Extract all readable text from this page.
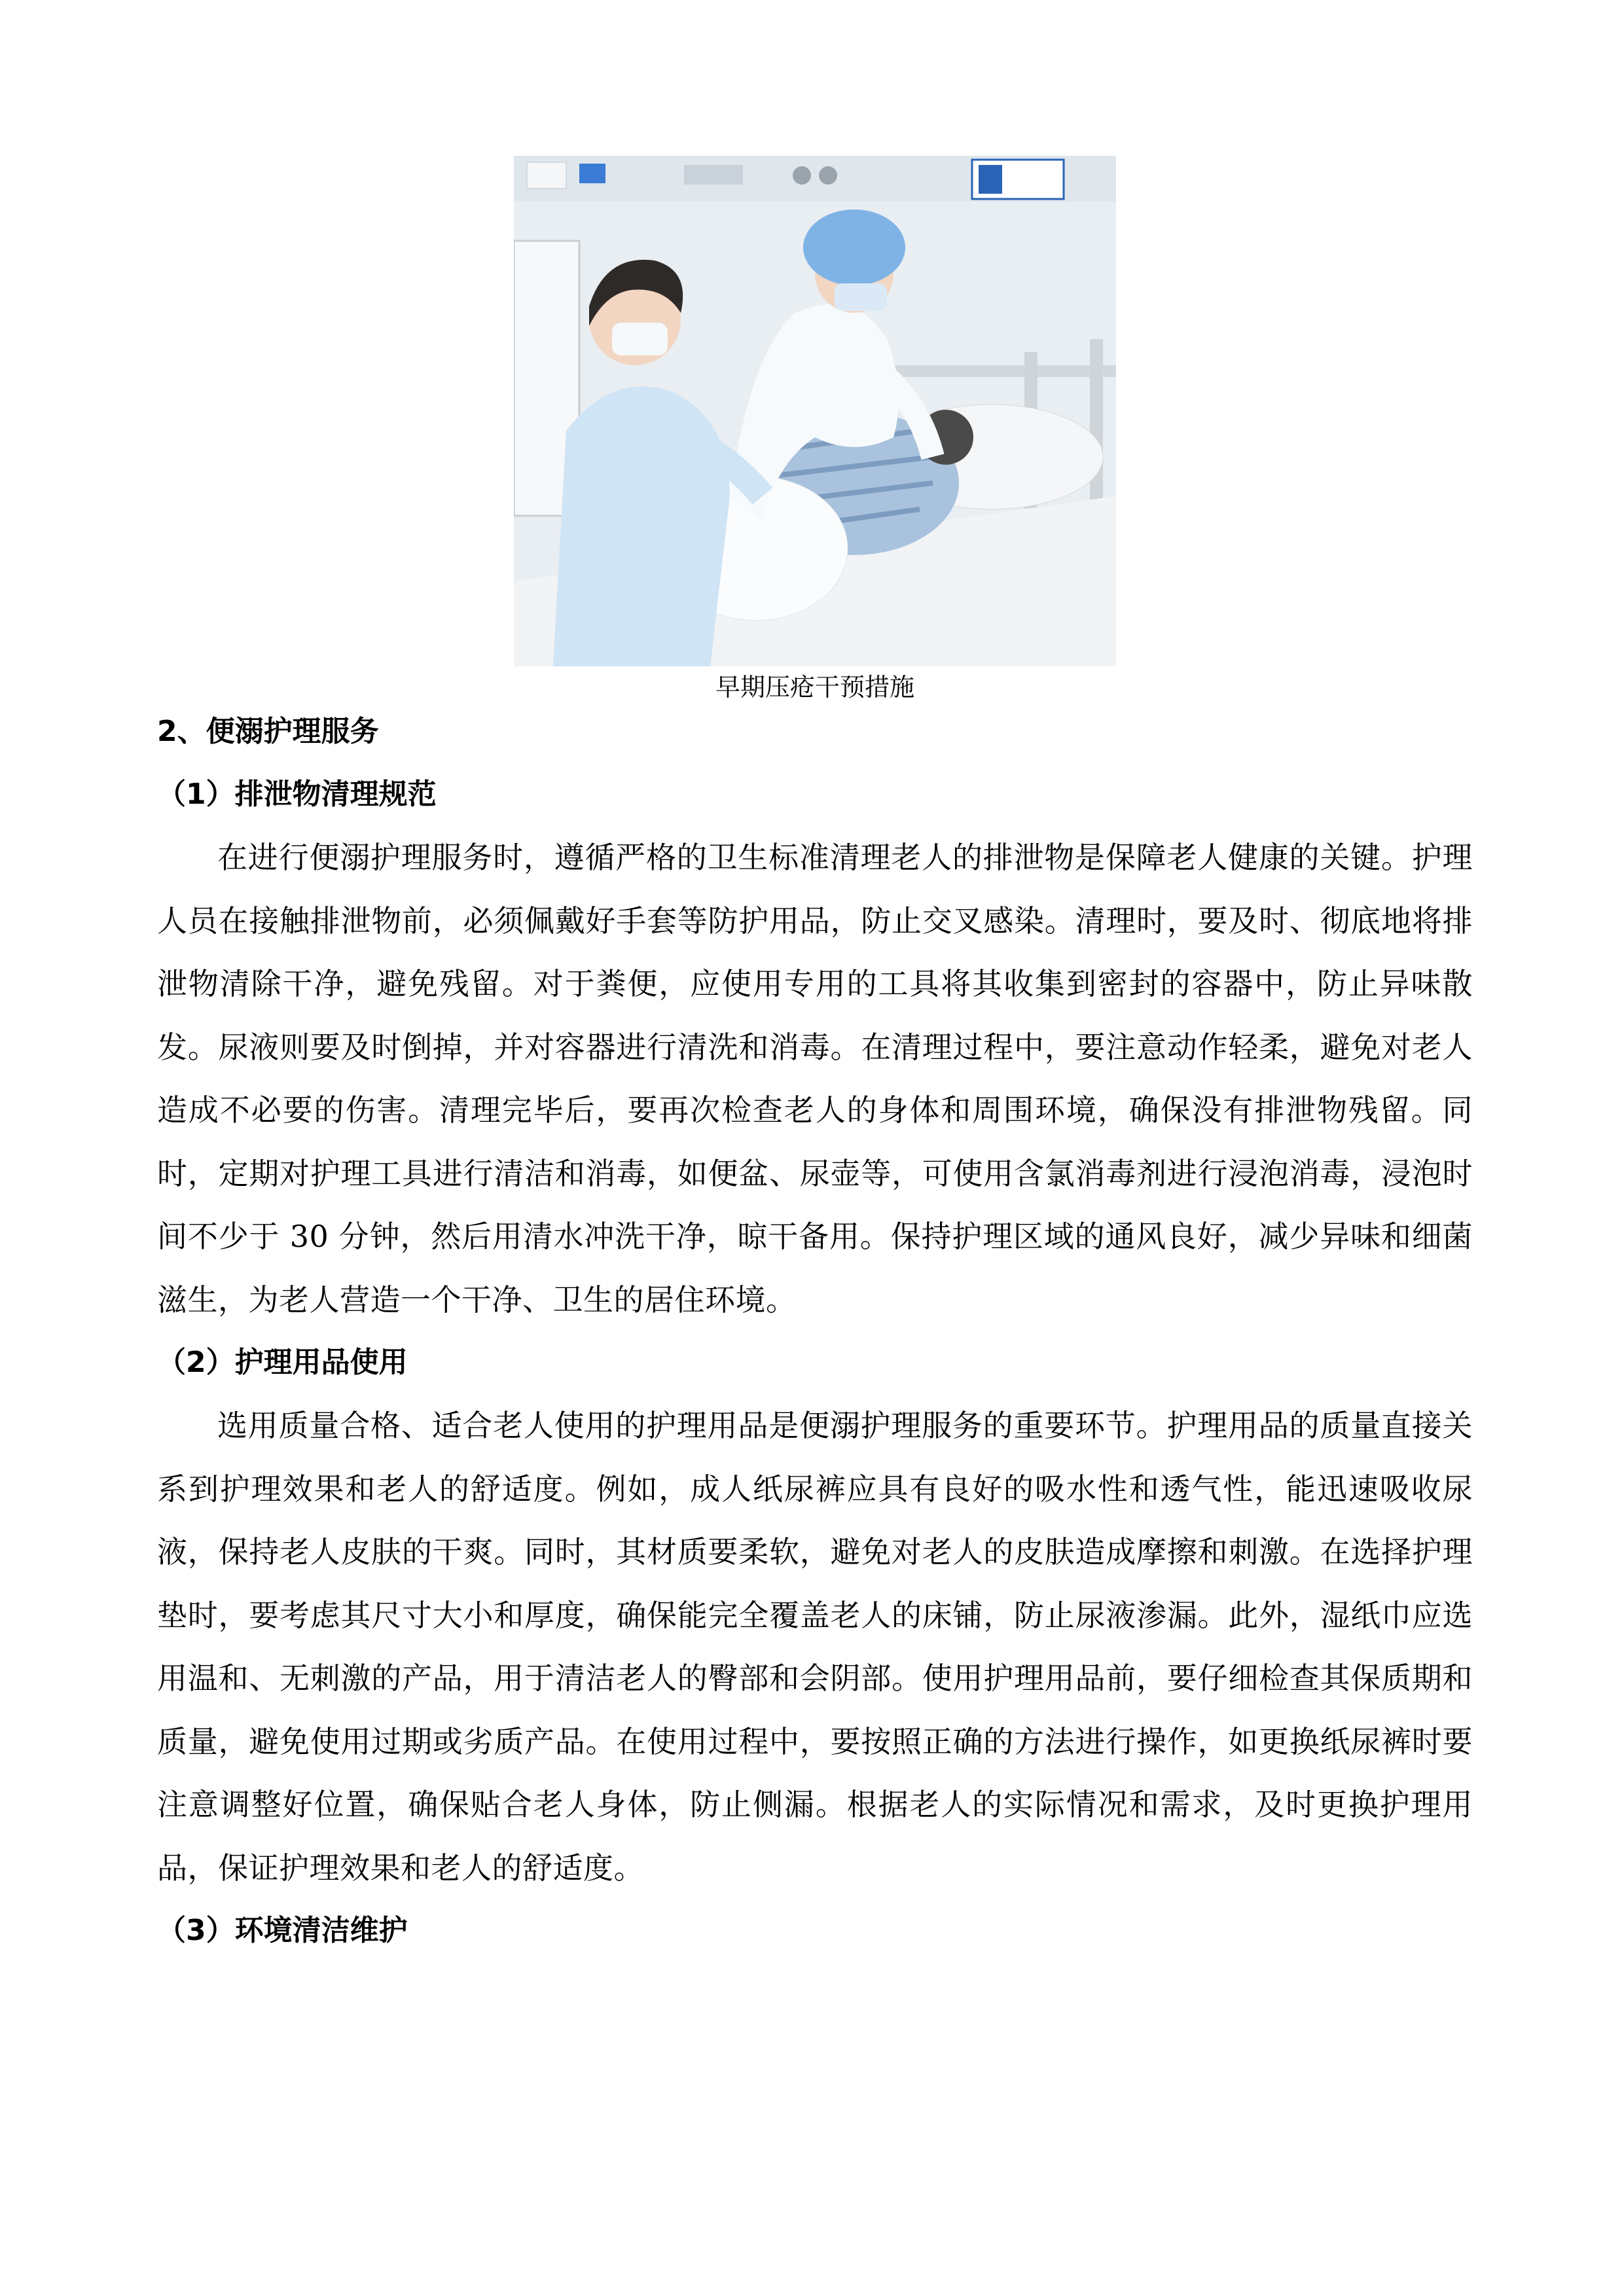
早期压疮干预措施

2、便溺护理服务

（1）排泄物清理规范

在进行便溺护理服务时，遵循严格的卫生标准清理老人的排泄物是保障老人健康的关键。护理人员在接触排泄物前，必须佩戴好手套等防护用品，防止交叉感染。清理时，要及时、彻底地将排泄物清除干净，避免残留。对于粪便，应使用专用的工具将其收集到密封的容器中，防止异味散发。尿液则要及时倒掉，并对容器进行清洗和消毒。在清理过程中，要注意动作轻柔，避免对老人造成不必要的伤害。清理完毕后，要再次检查老人的身体和周围环境，确保没有排泄物残留。同时，定期对护理工具进行清洁和消毒，如便盆、尿壶等，可使用含氯消毒剂进行浸泡消毒，浸泡时间不少于 30 分钟，然后用清水冲洗干净，晾干备用。保持护理区域的通风良好，减少异味和细菌滋生，为老人营造一个干净、卫生的居住环境。

（2）护理用品使用

选用质量合格、适合老人使用的护理用品是便溺护理服务的重要环节。护理用品的质量直接关系到护理效果和老人的舒适度。例如，成人纸尿裤应具有良好的吸水性和透气性，能迅速吸收尿液，保持老人皮肤的干爽。同时，其材质要柔软，避免对老人的皮肤造成摩擦和刺激。在选择护理垫时，要考虑其尺寸大小和厚度，确保能完全覆盖老人的床铺，防止尿液渗漏。此外，湿纸巾应选用温和、无刺激的产品，用于清洁老人的臀部和会阴部。使用护理用品前，要仔细检查其保质期和质量，避免使用过期或劣质产品。在使用过程中，要按照正确的方法进行操作，如更换纸尿裤时要注意调整好位置，确保贴合老人身体，防止侧漏。根据老人的实际情况和需求，及时更换护理用品，保证护理效果和老人的舒适度。

（3）环境清洁维护
